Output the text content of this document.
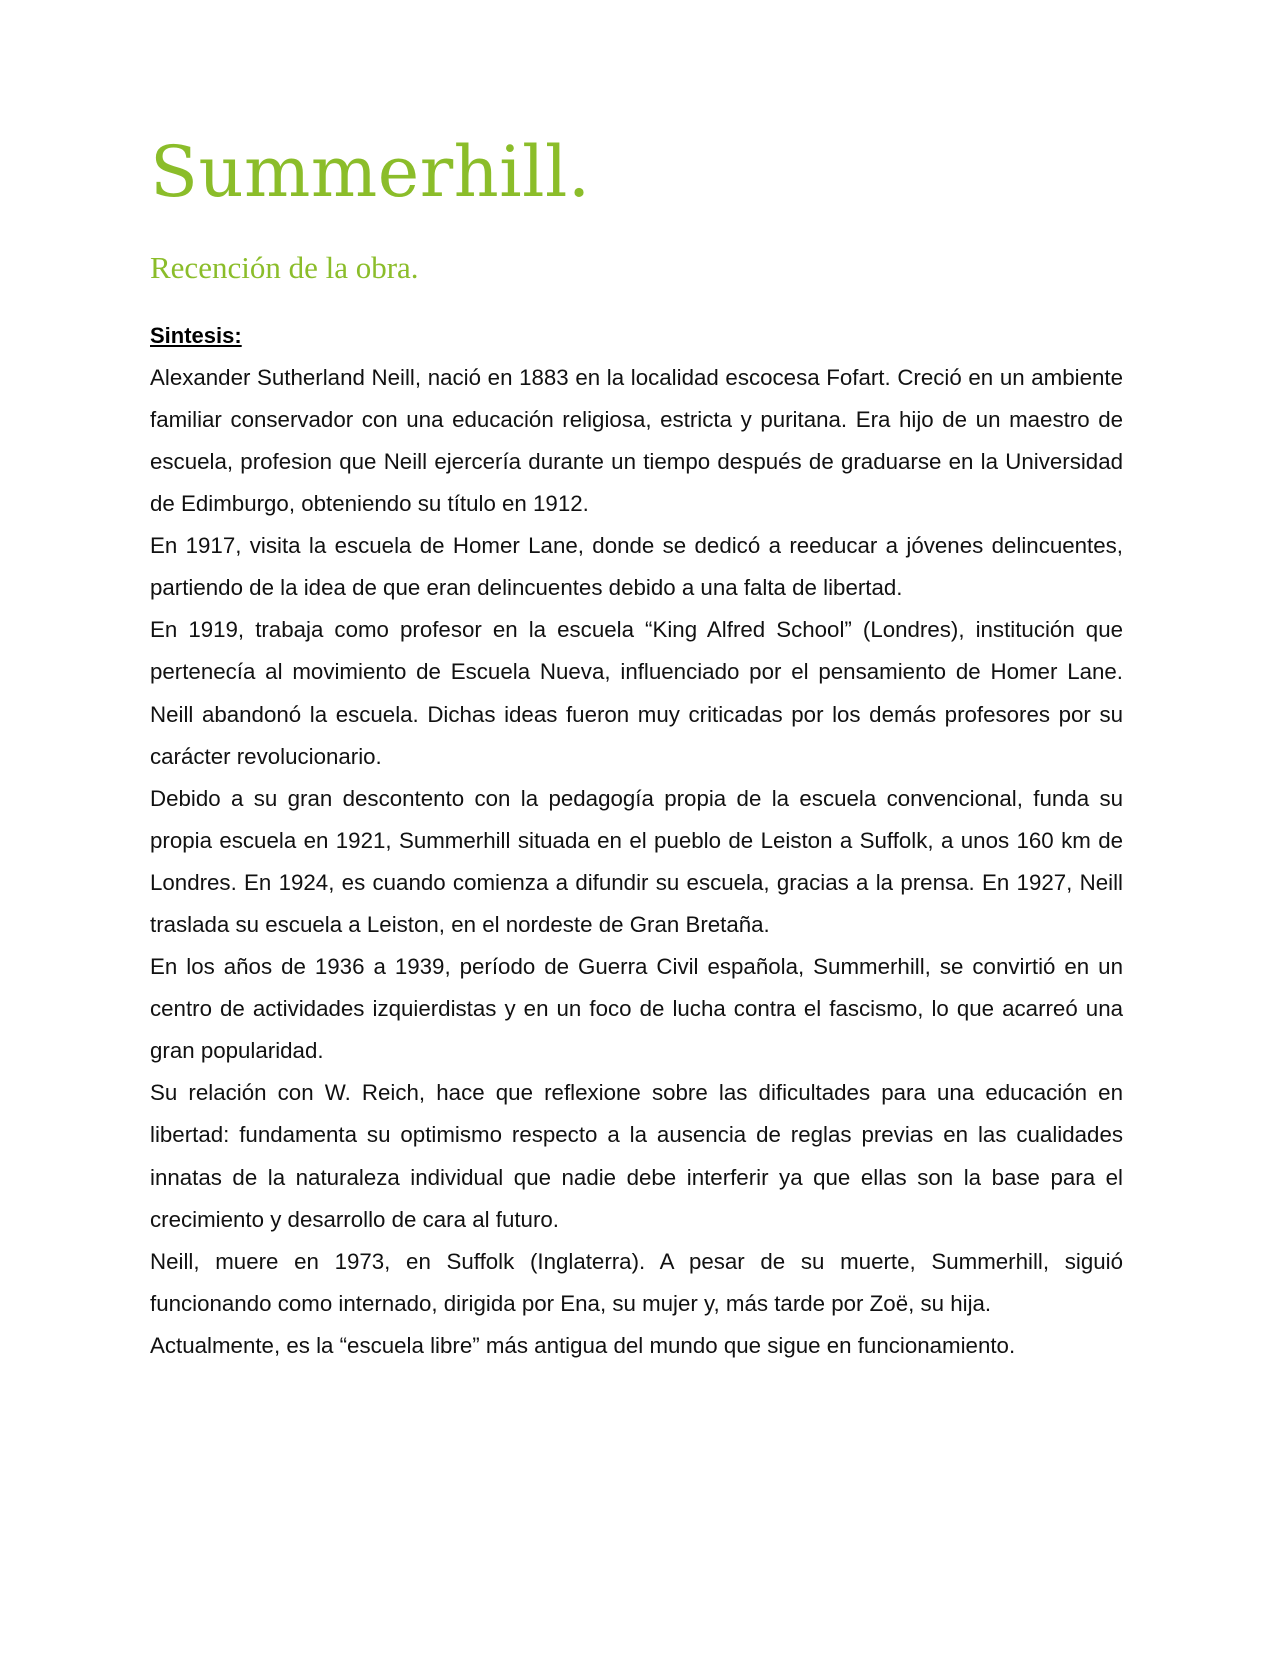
Summerhill.
Recención de la obra.
Sintesis:

Alexander Sutherland Neill, nació en 1883 en la localidad escocesa Fofart. Creció en un ambiente familiar conservador con una educación religiosa, estricta y puritana. Era hijo de un maestro de escuela, profesion que Neill ejercería durante un tiempo después de graduarse en la Universidad de Edimburgo, obteniendo su título en 1912.

En 1917, visita la escuela de Homer Lane, donde se dedicó a reeducar a jóvenes delincuentes, partiendo de la idea de que eran delincuentes debido a una falta de libertad.

En 1919, trabaja como profesor en la escuela “King Alfred School” (Londres), institución que pertenecía al movimiento de Escuela Nueva, influenciado por el pensamiento de Homer Lane. Neill abandonó la escuela. Dichas ideas fueron muy criticadas por los demás profesores por su carácter revolucionario.

Debido a su gran descontento con la pedagogía propia de la escuela convencional, funda su propia escuela en 1921, Summerhill situada en el pueblo de Leiston a Suffolk, a unos 160 km de Londres. En 1924, es cuando comienza a difundir su escuela, gracias a la prensa. En 1927, Neill traslada su escuela a Leiston, en el nordeste de Gran Bretaña.

En los años de 1936 a 1939, período de Guerra Civil española, Summerhill, se convirtió en un centro de actividades izquierdistas y en un foco de lucha contra el fascismo, lo que acarreó una gran popularidad.

Su relación con W. Reich, hace que reflexione sobre las dificultades para una educación en libertad: fundamenta su optimismo respecto a la ausencia de reglas previas en las cualidades innatas de la naturaleza individual que nadie debe interferir ya que ellas son la base para el crecimiento y desarrollo de cara al futuro.

Neill, muere en 1973, en Suffolk (Inglaterra). A pesar de su muerte, Summerhill, siguió funcionando como internado, dirigida por Ena, su mujer y, más tarde por Zoë, su hija.

Actualmente, es la “escuela libre” más antigua del mundo que sigue en funcionamiento.
